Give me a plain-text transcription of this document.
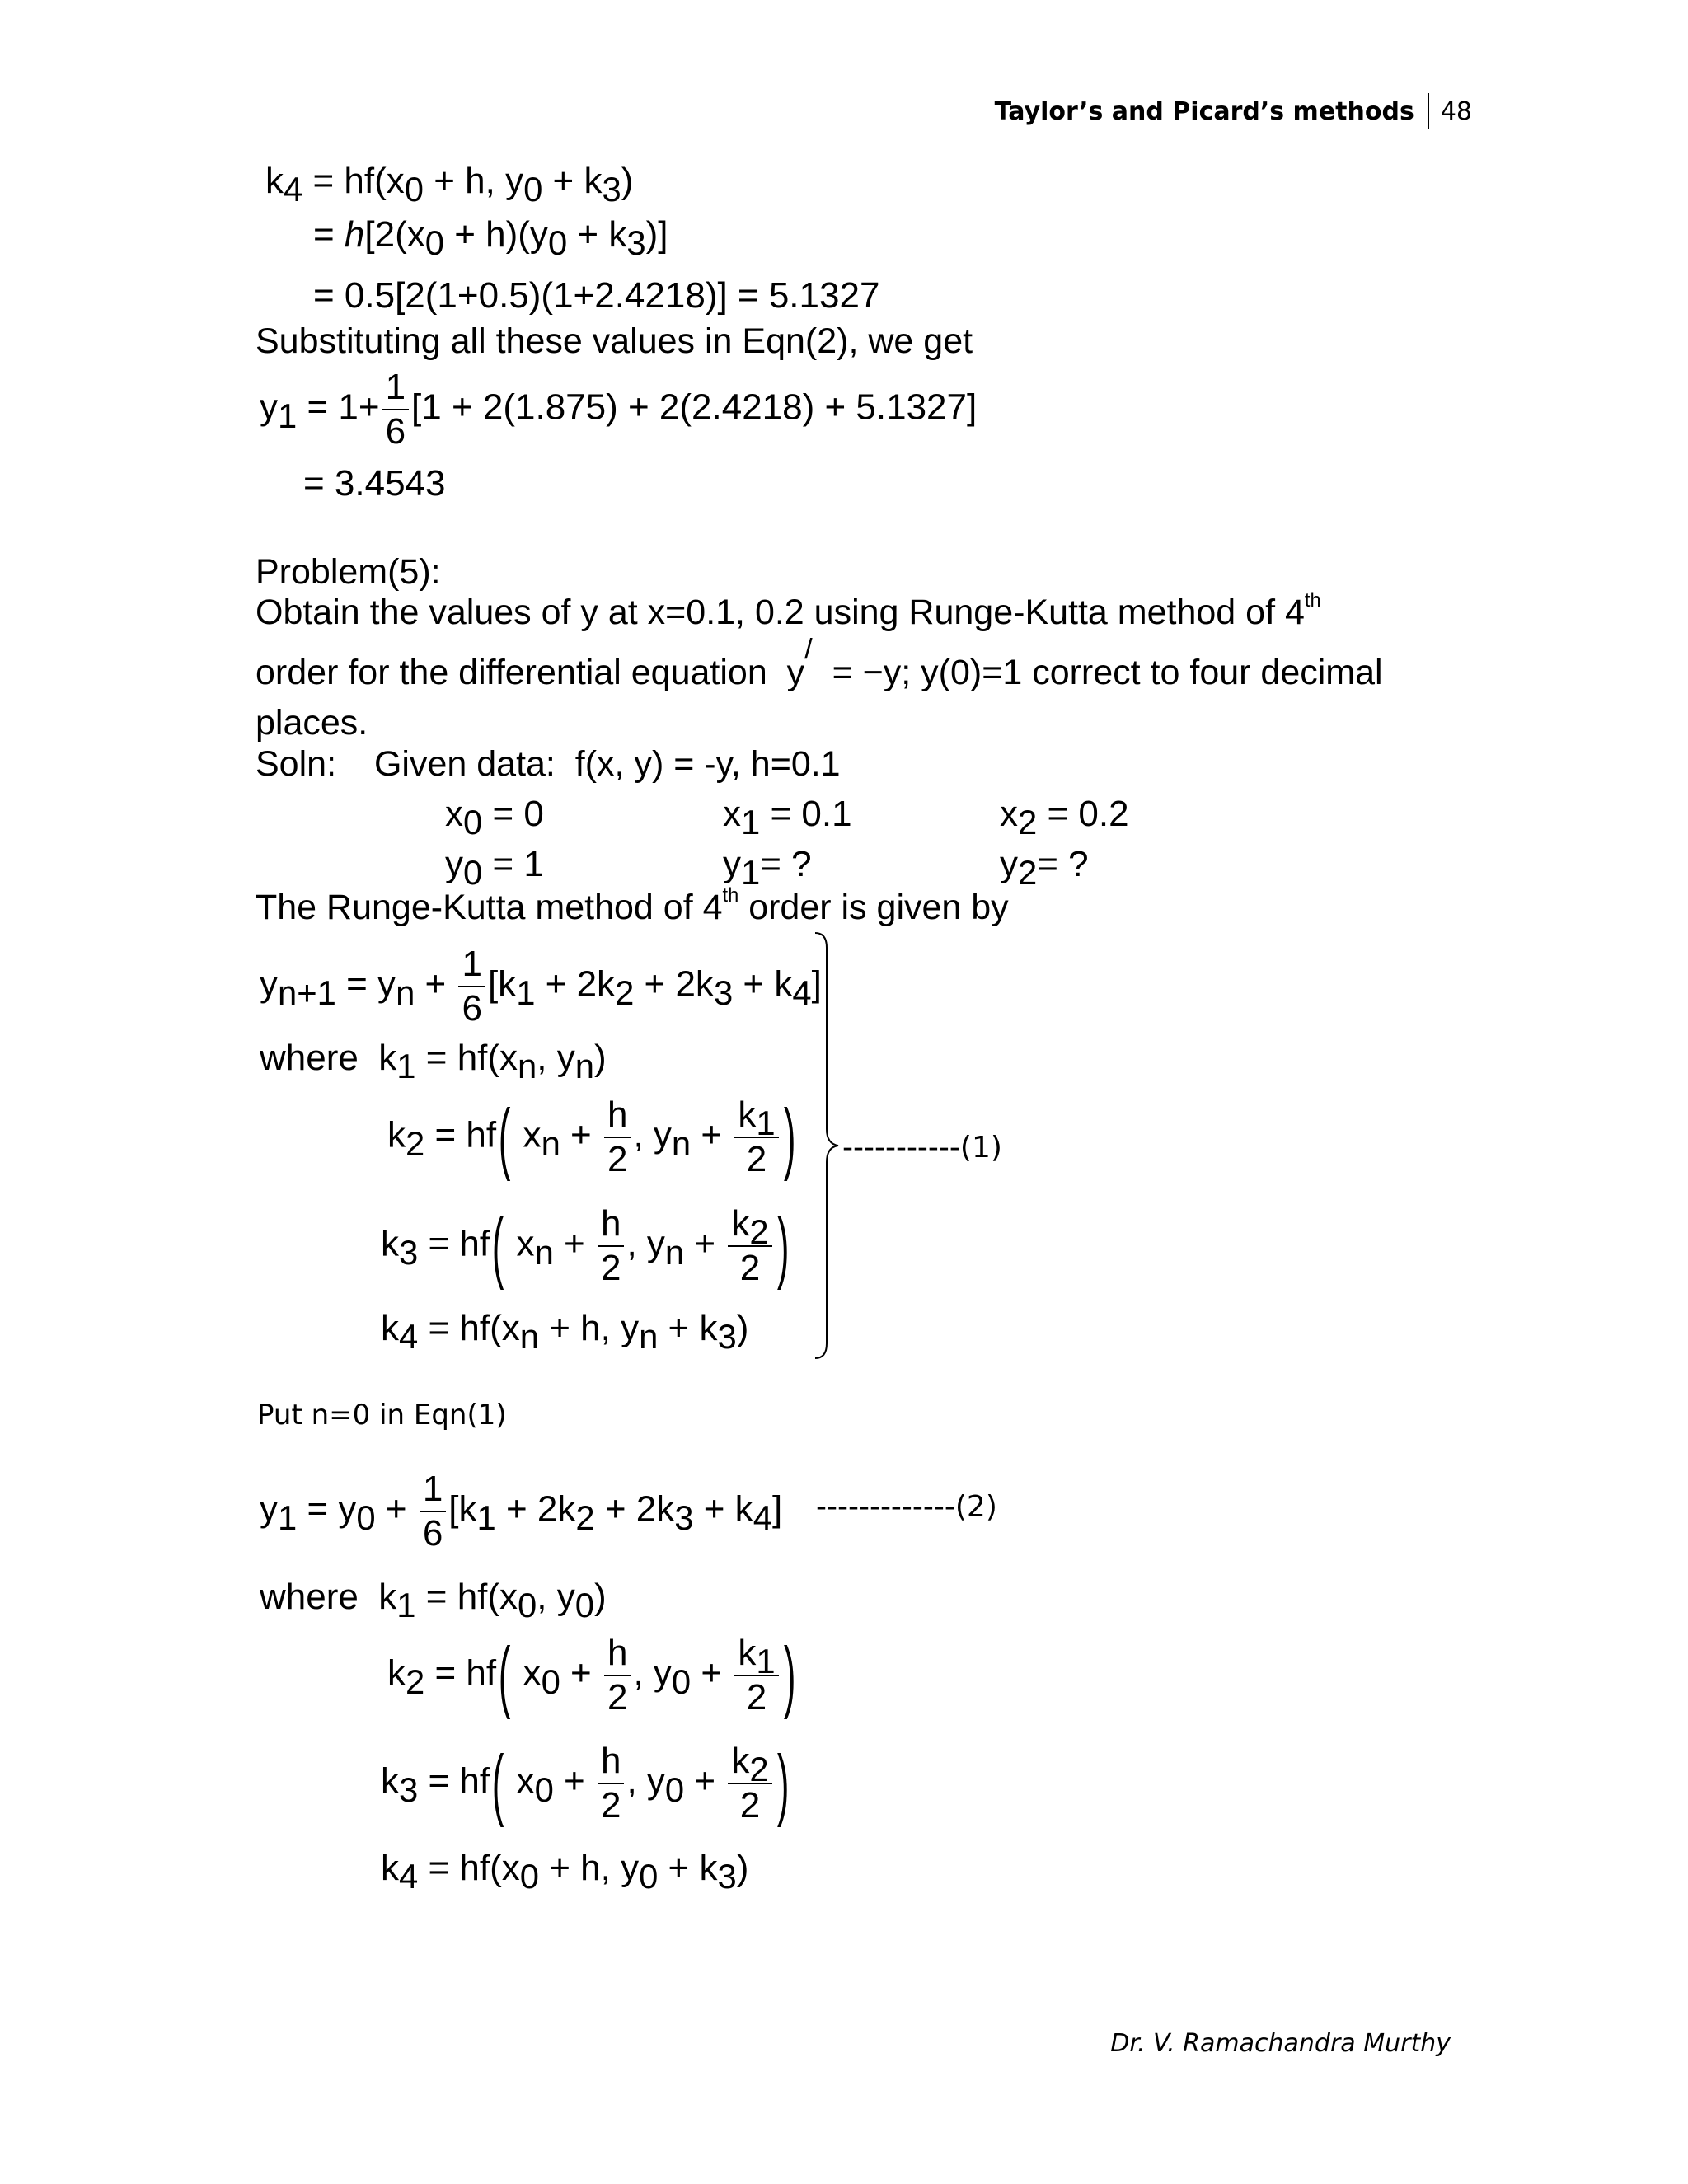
Taylor’s and Picard’s methods 48
k4 = hf(x0 + h, y0 + k3)
= h[2(x0 + h)(y0 + k3)]
= 0.5[2(1+0.5)(1+2.4218)] = 5.1327
Substituting all these values in Eqn(2), we get
$y1 = 1+ \frac{1}{6} [1 + 2(1.875) + 2(2.4218) + 5.1327]$
= 3.4543
Problem(5):
Obtain the values of y at x=0.1, 0.2 using Runge-Kutta method of 4th
order for the differential equation  y/  = −y; y(0)=1 correct to four decimal
places.
Soln: Given data:  f(x, y) = -y, h=0.1
x0 = 0	x1 = 0.1	x2 = 0.2
y0 = 1	y1= ?	y2= ?
The Runge-Kutta method of 4th order is given by
yn+1 = yn + $\frac{1}{6} [k1 + 2k2 + 2k3 + k4]$
where  k1 = hf(xn, yn)
k2 = hf( xn + $\frac{h}{2}$ , yn + $\frac{k1}{2}$ )
k3 = hf( xn + $\frac{h}{2}$ , yn + $\frac{k2}{2}$ )
k4 = hf(xn + h, yn + k3)
-----------(1)
Put n=0 in Eqn(1)
$y1 = y0 + \frac{1}{6} [k1 + 2k2 + 2k3 + k4]$ -------------(2)
where  k1 = hf(x0, y0)
k2 = hf( $x0 + \frac{h}{2}$ , $y0 + \frac{k1}{2}$ )
k3 = hf( $x0 + \frac{h}{2}$ , $y0 + \frac{k2}{2}$ )
k4 = hf(x0 + h, y0 + k3)
Dr. V. Ramachandra Murthy
